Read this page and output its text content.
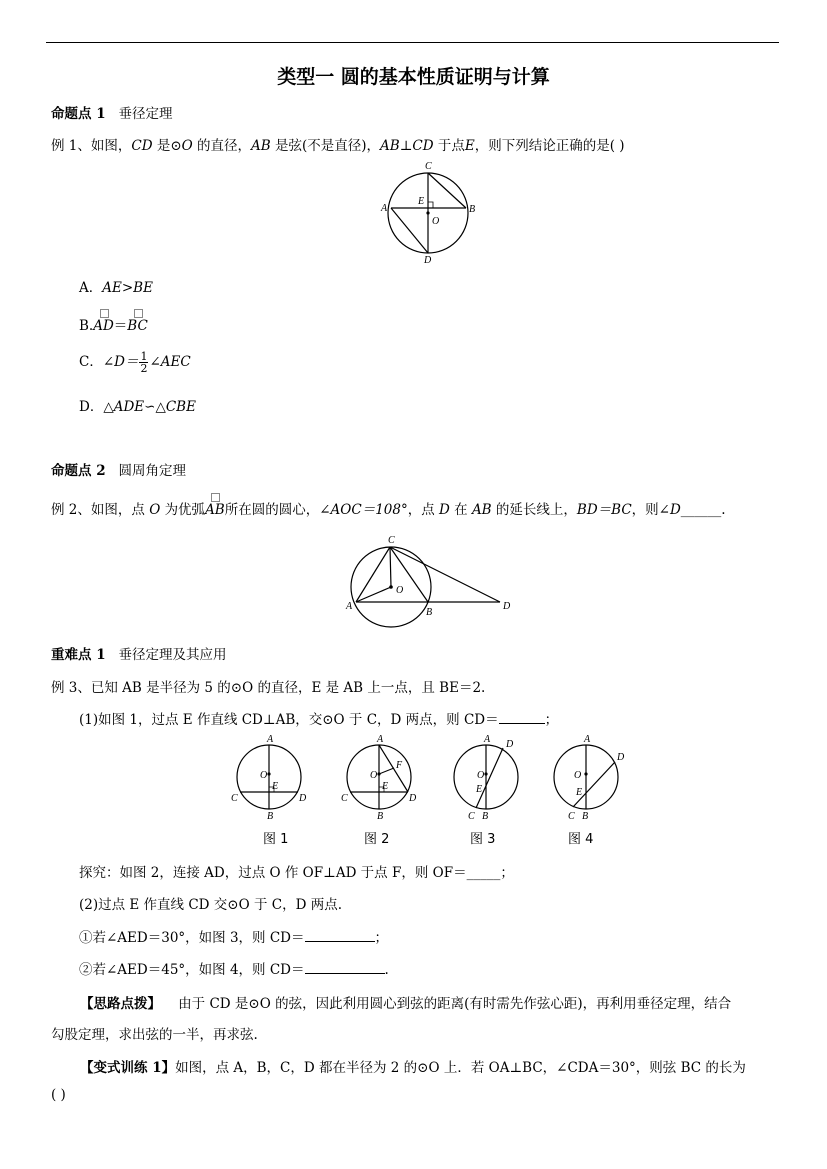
类型一 圆的基本性质证明与计算
命题点 1 垂径定理
例 1、如图，CD 是⊙O 的直径，AB 是弦(不是直径)，AB⊥CD 于点E，则下列结论正确的是( )
C
A
E
O
B
D
A．AE>BE
B.AD＝BC
C．∠D＝ $\frac{1}{2}$ ∠AEC
D．△ADE∽△CBE
命题点 2 圆周角定理
例 2、如图，点 O 为优弧AB所在圆的圆心，∠AOC＝108°，点 D 在 AB 的延长线上，BD＝BC，则∠D______.
C
O
A
B
D
重难点 1 垂径定理及其应用
例 3、已知 AB 是半径为 5 的⊙O 的直径，E 是 AB 上一点，且 BE＝2.
(1)如图 1，过点 E 作直线 CD⊥AB，交⊙O 于 C，D 两点，则 CD＝	；
A
O
E
C	D
B
A
O
F
E
C	D
B
A D
O
E
C B
A
D
O
E
C B
图 1	图 2	图 3	图 4
探究：如图 2，连接 AD，过点 O 作 OF⊥AD 于点 F，则 OF＝_____；
(2)过点 E 作直线 CD 交⊙O 于 C，D 两点.
①若∠AED＝30°，如图 3，则 CD＝	；
②若∠AED＝45°，如图 4，则 CD＝	.
【思路点拨】 由于 CD 是⊙O 的弦，因此利用圆心到弦的距离(有时需先作弦心距)，再利用垂径定理，结合
勾股定理，求出弦的一半，再求弦.
【变式训练 1】如图，点 A，B，C，D 都在半径为 2 的⊙O 上．若 OA⊥BC，∠CDA＝30°，则弦 BC 的长为
( )
